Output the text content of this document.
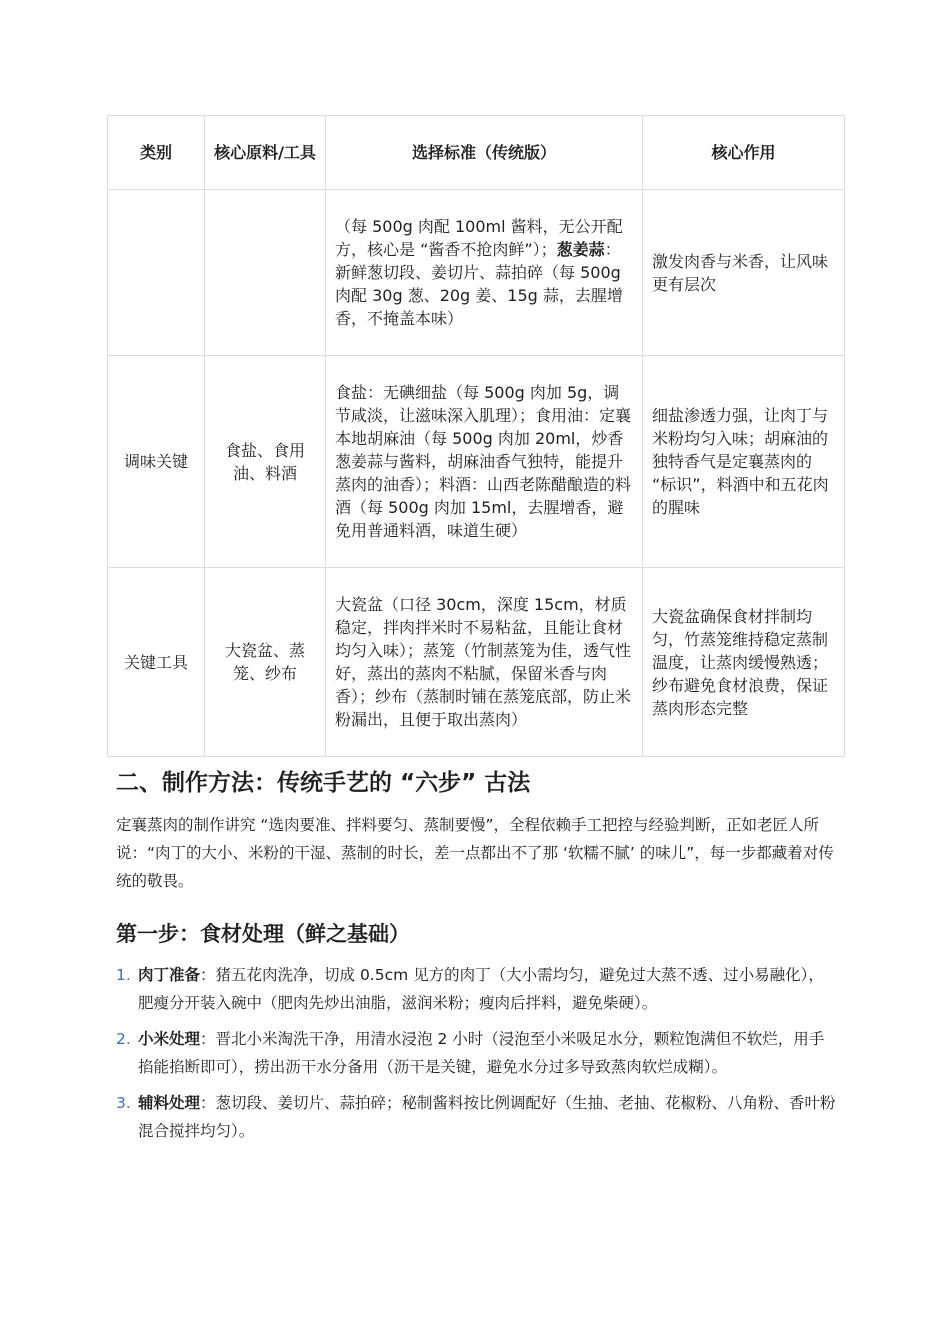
类别	核心原料/工具	选择标准（传统版）	核心作用
		（每 500g 肉配 100ml 酱料，无公开配方，核心是 “酱香不抢肉鲜”）；葱姜蒜：新鲜葱切段、姜切片、蒜拍碎（每 500g 肉配 30g 葱、20g 姜、15g 蒜，去腥增香，不掩盖本味）	激发肉香与米香，让风味更有层次
调味关键	食盐、食用油、料酒	食盐：无碘细盐（每 500g 肉加 5g，调节咸淡，让滋味深入肌理）；食用油：定襄本地胡麻油（每 500g 肉加 20ml，炒香葱姜蒜与酱料，胡麻油香气独特，能提升蒸肉的油香）；料酒：山西老陈醋酿造的料酒（每 500g 肉加 15ml，去腥增香，避免用普通料酒，味道生硬）	细盐渗透力强，让肉丁与米粉均匀入味；胡麻油的独特香气是定襄蒸肉的 “标识”，料酒中和五花肉的腥味
关键工具	大瓷盆、蒸笼、纱布	大瓷盆（口径 30cm，深度 15cm，材质稳定，拌肉拌米时不易粘盆，且能让食材均匀入味）；蒸笼（竹制蒸笼为佳，透气性好，蒸出的蒸肉不粘腻，保留米香与肉香）；纱布（蒸制时铺在蒸笼底部，防止米粉漏出，且便于取出蒸肉）	大瓷盆确保食材拌制均匀，竹蒸笼维持稳定蒸制温度，让蒸肉缓慢熟透；纱布避免食材浪费，保证蒸肉形态完整
二、制作方法：传统手艺的 “六步” 古法

定襄蒸肉的制作讲究 “选肉要准、拌料要匀、蒸制要慢”，全程依赖手工把控与经验判断，正如老匠人所说：“肉丁的大小、米粉的干湿、蒸制的时长，差一点都出不了那 ‘软糯不腻’ 的味儿”，每一步都藏着对传统的敬畏。

第一步：食材处理（鲜之基础）
1. 肉丁准备：猪五花肉洗净，切成 0.5cm 见方的肉丁（大小需均匀，避免过大蒸不透、过小易融化），肥瘦分开装入碗中（肥肉先炒出油脂，滋润米粉；瘦肉后拌料，避免柴硬）。
2. 小米处理：晋北小米淘洗干净，用清水浸泡 2 小时（浸泡至小米吸足水分，颗粒饱满但不软烂，用手掐能掐断即可），捞出沥干水分备用（沥干是关键，避免水分过多导致蒸肉软烂成糊）。
3. 辅料处理：葱切段、姜切片、蒜拍碎；秘制酱料按比例调配好（生抽、老抽、花椒粉、八角粉、香叶粉混合搅拌均匀）。
